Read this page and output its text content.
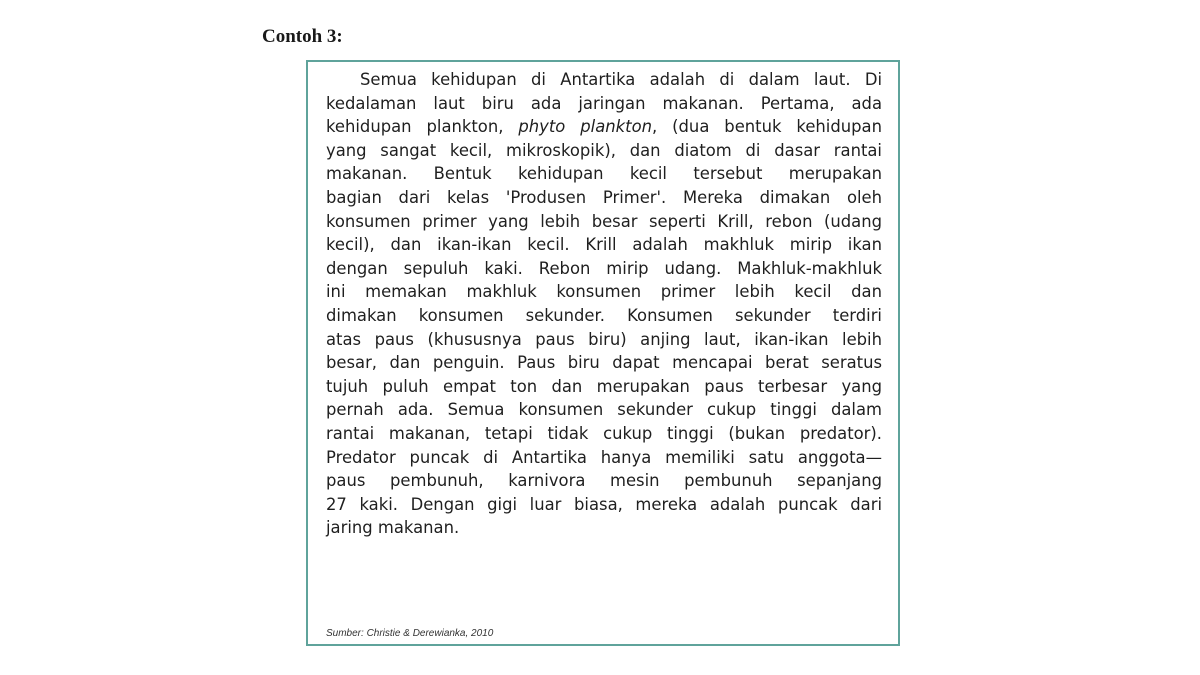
Contoh 3:
Semua kehidupan di Antartika adalah di dalam laut. Di
kedalaman laut biru ada jaringan makanan. Pertama, ada
kehidupan plankton, phyto plankton, (dua bentuk kehidupan
yang sangat kecil, mikroskopik), dan diatom di dasar rantai
makanan. Bentuk kehidupan kecil tersebut merupakan
bagian dari kelas 'Produsen Primer'. Mereka dimakan oleh
konsumen primer yang lebih besar seperti Krill, rebon (udang
kecil), dan ikan-ikan kecil. Krill adalah makhluk mirip ikan
dengan sepuluh kaki. Rebon mirip udang. Makhluk-makhluk
ini memakan makhluk konsumen primer lebih kecil dan
dimakan konsumen sekunder. Konsumen sekunder terdiri
atas paus (khususnya paus biru) anjing laut, ikan-ikan lebih
besar, dan penguin. Paus biru dapat mencapai berat seratus
tujuh puluh empat ton dan merupakan paus terbesar yang
pernah ada. Semua konsumen sekunder cukup tinggi dalam
rantai makanan, tetapi tidak cukup tinggi (bukan predator).
Predator puncak di Antartika hanya memiliki satu anggota—
paus pembunuh, karnivora mesin pembunuh sepanjang
27 kaki. Dengan gigi luar biasa, mereka adalah puncak dari
jaring makanan.
Sumber: Christie & Derewianka, 2010
